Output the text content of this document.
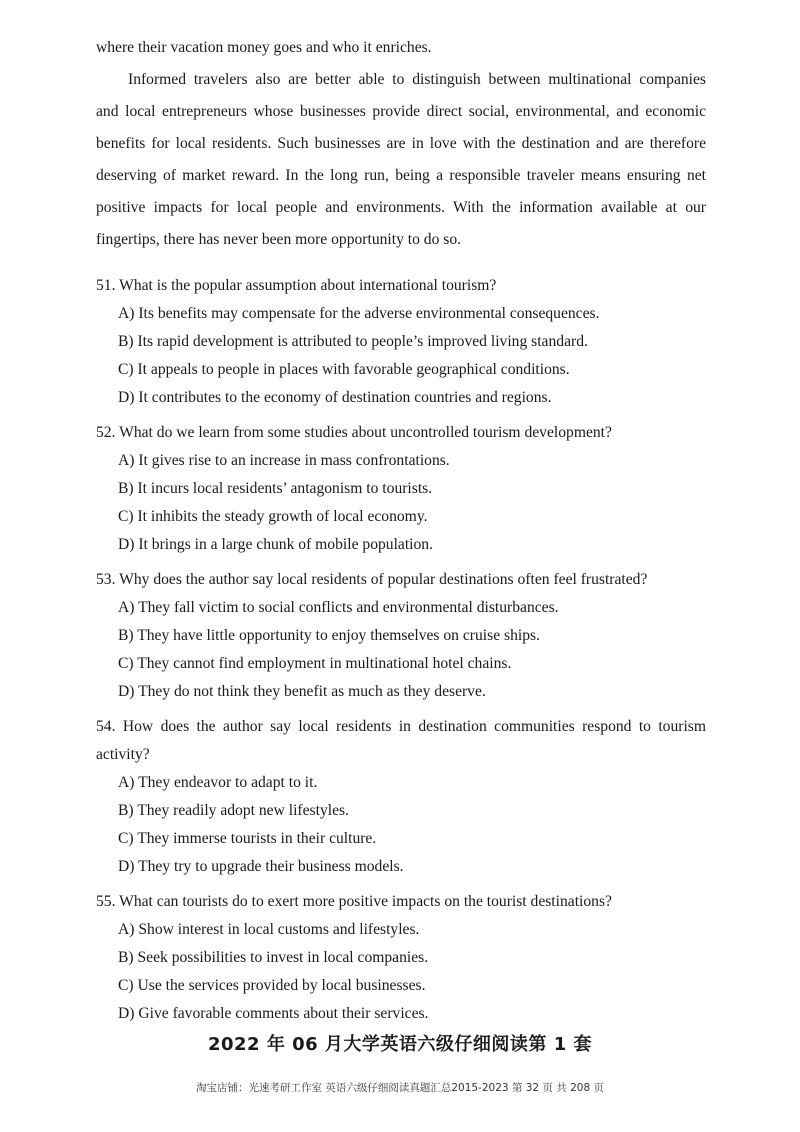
where their vacation money goes and who it enriches.
Informed travelers also are better able to distinguish between multinational companies
and local entrepreneurs whose businesses provide direct social, environmental, and economic
benefits for local residents. Such businesses are in love with the destination and are therefore
deserving of market reward. In the long run, being a responsible traveler means ensuring net
positive impacts for local people and environments. With the information available at our
fingertips, there has never been more opportunity to do so.
51. What is the popular assumption about international tourism?
A) Its benefits may compensate for the adverse environmental consequences.
B) Its rapid development is attributed to people’s improved living standard.
C) It appeals to people in places with favorable geographical conditions.
D) It contributes to the economy of destination countries and regions.
52. What do we learn from some studies about uncontrolled tourism development?
A) It gives rise to an increase in mass confrontations.
B) It incurs local residents’ antagonism to tourists.
C) It inhibits the steady growth of local economy.
D) It brings in a large chunk of mobile population.
53. Why does the author say local residents of popular destinations often feel frustrated?
A) They fall victim to social conflicts and environmental disturbances.
B) They have little opportunity to enjoy themselves on cruise ships.
C) They cannot find employment in multinational hotel chains.
D) They do not think they benefit as much as they deserve.
54. How does the author say local residents in destination communities respond to tourism
activity?
A) They endeavor to adapt to it.
B) They readily adopt new lifestyles.
C) They immerse tourists in their culture.
D) They try to upgrade their business models.
55. What can tourists do to exert more positive impacts on the tourist destinations?
A) Show interest in local customs and lifestyles.
B) Seek possibilities to invest in local companies.
C) Use the services provided by local businesses.
D) Give favorable comments about their services.
2022 年 06 月大学英语六级仔细阅读第 1 套
淘宝店铺：光速考研工作室 英语六级仔细阅读真题汇总2015-2023 第 32 页 共 208 页
